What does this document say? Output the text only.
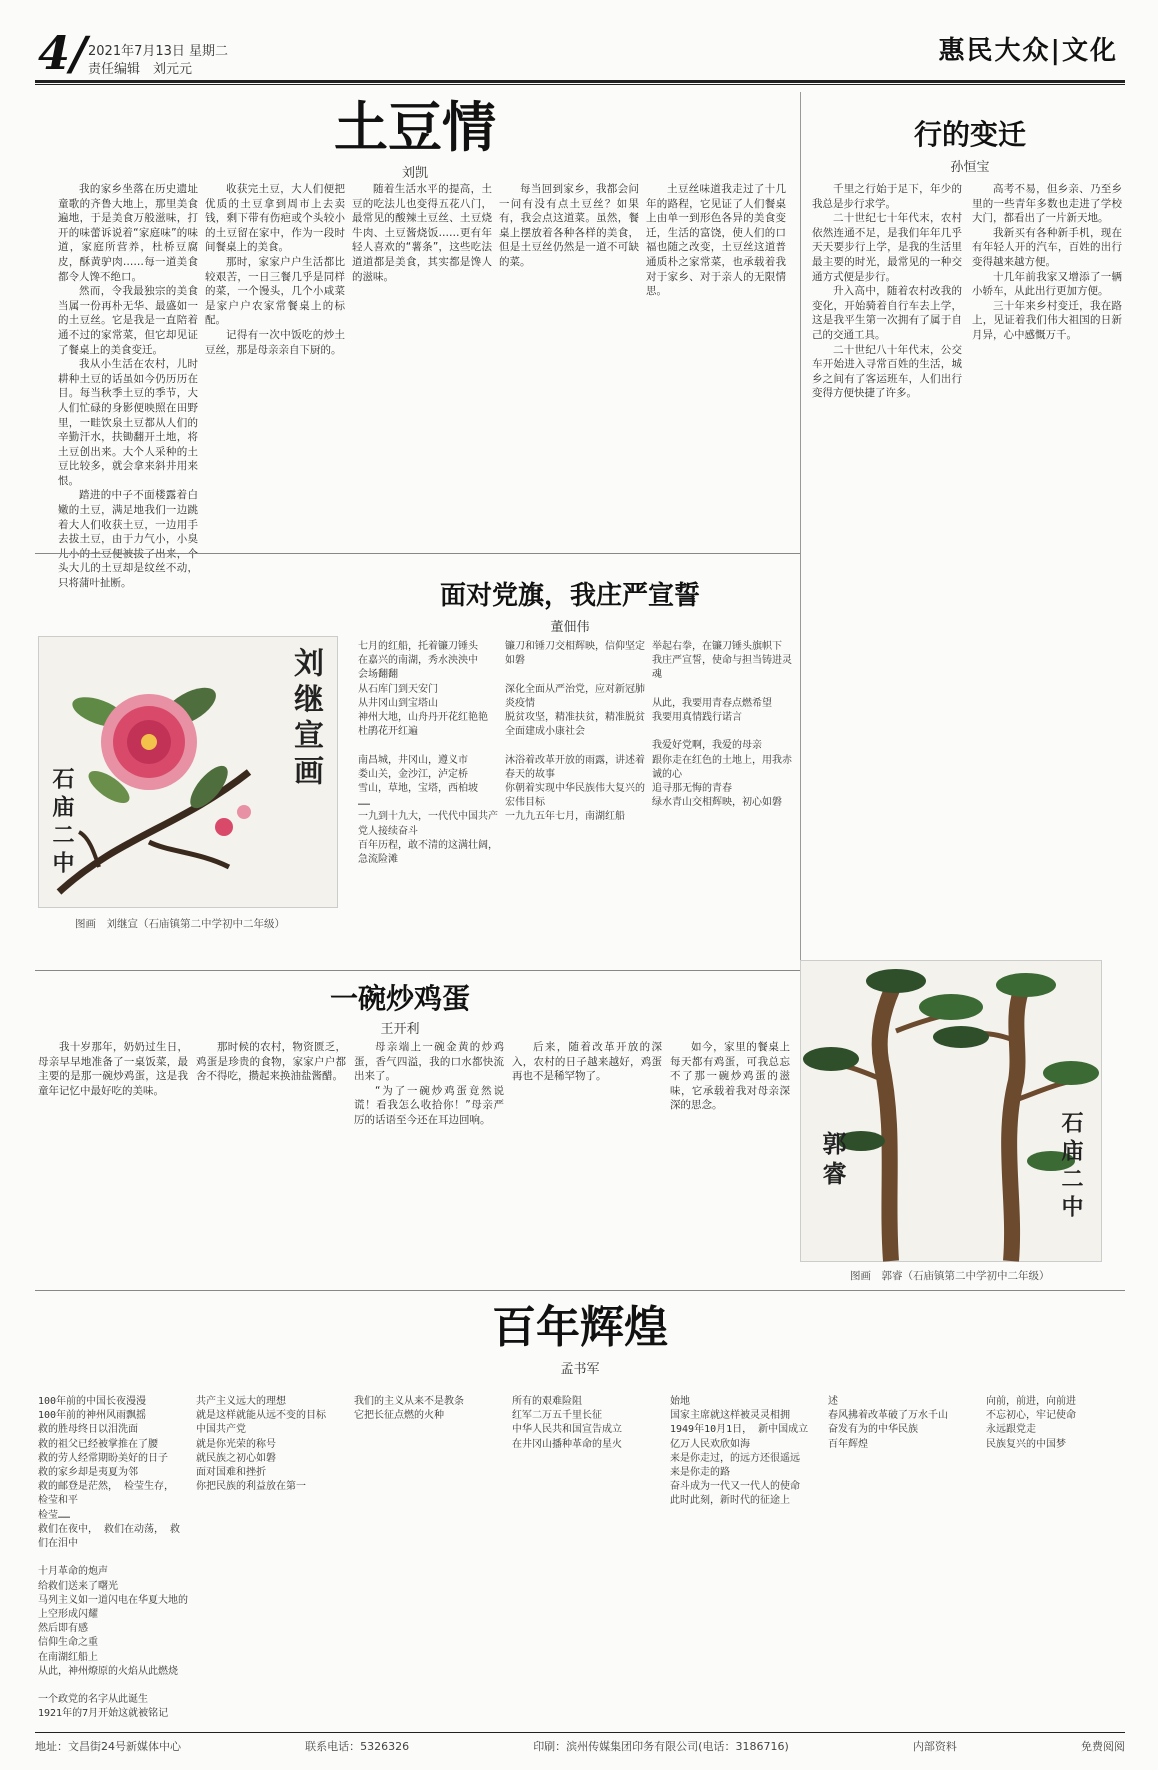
4/ 2021年7月13日 星期二
责任编辑　刘元元
惠民大众|文化
土豆情
刘凯

我的家乡坐落在历史遗址童歌的齐鲁大地上，那里美食遍地，于是美食万般滋味，打开的味蕾诉说着“家庭味”的味道，家庭所营养，杜桥豆腐皮，酥黄驴肉……每一道美食都令人馋不绝口。

然而，令我最独宗的美食当属一份再朴无华、最盛如一的土豆丝。它是我是一直陪着通不过的家常菜，但它却见证了餐桌上的美食变迁。

我从小生活在农村，儿时耕种土豆的话虽如今仍历历在目。每当秋季土豆的季节，大人们忙碌的身影便映照在田野里，一畦饮泉土豆都从人们的辛勤汗水，扶锄翻开土地，将土豆创出来。大个人采种的土豆比较多，就会拿来斜井用来恨。

踏进的中子不面楼露着白嫩的土豆，满足地我们一边跳着大人们收获土豆，一边用手去拔土豆，由于力气小，小臭 头大儿的土豆却是纹丝不动，只将蒲叶扯断。

收获完土豆，大人们便把优质的土豆拿到周市上去卖钱，剩下带有伤疤或个头较小的土豆留在家中，作为一段时间餐桌上的美食。

那时，家家户户生活都比较艰苦，一日三餐几乎是同样的菜，一个馒头，几个小咸菜是家户户农家常餐桌上的标配。

记得有一次中饭吃的炒土豆丝，那是母亲亲自下厨的。

随着生活水平的提高，土豆的吃法儿也变得五花八门，最常见的酸辣土豆丝、土豆烧牛肉、土豆酱烧饭……更有年轻人喜欢的“薯条”，这些吃法道道都是美食，其实都是馋人的滋味。

每当回到家乡，我都会问一问有没有点土豆丝？如果有，我会点这道菜。虽然，餐桌上摆放着各种各样的美食，但是土豆丝仍然是一道不可缺的菜。

土豆丝味道我走过了十几年的路程，它见证了人们餐桌上由单一到形色各异的美食变迁，生活的富饶，使人们的口福也随之改变，土豆丝这道普通质朴之家常菜，也承载着我对于家乡、对于亲人的无限情思。

行的变迁
孙恒宝

千里之行始于足下，年少的我总是步行求学。

二十世纪七十年代末，农村依然连通不足，是我们年年几乎天天要步行上学，是我的生活里最主要的时光，最常见的一种交通方式便是步行。

升入高中，随着农村改我的变化，开始骑着自行车去上学，这是我平生第一次拥有了属于自己的交通工具。

二十世纪八十年代末，公交车开始进入寻常百姓的生活，城乡之间有了客运班车，人们出行变得方便快捷了许多。

高考不易，但乡亲、乃至乡里的一些青年多数也走进了学校大门，都看出了一片新天地。

我新买有各种新手机，现在有年轻人开的汽车，百姓的出行变得越来越方便。

十几年前我家又增添了一辆小轿车，从此出行更加方便。

三十年来乡村变迁，我在路上，见证着我们伟大祖国的日新月异，心中感慨万千。

刘继宣画
石庙二中
图画　刘继宣（石庙镇第二中学初中二年级）
面对党旗，我庄严宣誓
董佃伟

七月的红船，托着镰刀锤头

在嘉兴的南湖，秀水泱泱中

会场翻翻

从石库门到天安门

从井冈山到宝塔山

神州大地，山舟丹开花红艳艳

杜鹃花开红遍

南昌城，井冈山，遵义市

娄山关，金沙江，泸定桥

雪山，草地，宝塔，西柏坡

……

一九到十九大，一代代中国共产党人接续奋斗

百年历程，敢不清的这满壮阔，急流险滩

镰刀和锤刀交相辉映，信仰坚定如磐

深化全面从严治党，应对新冠肺炎疫情

脱贫攻坚，精准扶贫，精准脱贫

全面建成小康社会

沐浴着改革开放的雨露，讲述着春天的故事

你朝着实现中华民族伟大复兴的宏伟目标

一九九五年七月，南湖红船

举起右拳，在镰刀锤头旗帜下

我庄严宣誓，使命与担当铸进灵魂

从此，我要用青春点燃希望

我要用真情践行诺言

我爱好党啊，我爱的母亲

跟你走在红色的土地上，用我赤诚的心

追寻那无悔的青春

绿水青山交相辉映，初心如磐

一碗炒鸡蛋
王开利

我十岁那年，奶奶过生日，母亲早早地准备了一桌饭菜，最主要的是那一碗炒鸡蛋，这是我童年记忆中最好吃的美味。

那时候的农村，物资匮乏，鸡蛋是珍贵的食物，家家户户都舍不得吃，攒起来换油盐酱醋。

母亲端上一碗金黄的炒鸡蛋，香气四溢，我的口水都快流出来了。

“为了一碗炒鸡蛋竟然说谎！看我怎么收拾你！”母亲严厉的话语至今还在耳边回响。

后来，随着改革开放的深入，农村的日子越来越好，鸡蛋再也不是稀罕物了。

如今，家里的餐桌上每天都有鸡蛋，可我总忘不了那一碗炒鸡蛋的滋味，它承载着我对母亲深深的思念。

郭睿	石庙二中
图画　郭睿（石庙镇第二中学初中二年级）
百年辉煌
孟书军

100年前的中国长夜漫漫

100年前的神州风雨飘摇

救的胜母终日以泪洗面

救的祖父已经被掌推在了腰

救的劳人经常期盼美好的日子

救的家乡却是夷夏为邻

救的邮登是茫然， 检莹生存， 检莹和平

检莹……

救们在夜中， 救们在动荡， 救们在泪中

十月革命的炮声

给救们送来了曙光

马列主义如一道闪电在华夏大地的上空形成闪耀

然后即有感

信仰生命之重

在南湖红船上

从此，神州燎原的火焰从此燃烧

一个政党的名字从此诞生

1921年的7月开始这就被铭记

共产主义远大的理想

就是这样就能从远不变的目标

中国共产党

就是你光荣的称号

就民族之初心如磐

面对国难和挫折

你把民族的利益放在第一

我们的主义从来不是教条

它把长征点燃的火种

所有的艰难险阻

红军二万五千里长征

中华人民共和国宣告成立

在井冈山播种革命的星火

始地

国家主席就这样被灵灵相拥

1949年10月1日， 新中国成立

亿万人民欢欣如海

来是你走过，的远方还很遥远

来是你走的路

奋斗成为一代又一代人的使命

此时此刻，新时代的征途上

述

春风拂着改革破了万水千山

奋发有为的中华民族

百年辉煌

向前，前进，向前进

不忘初心，牢记使命

永远跟党走

民族复兴的中国梦

地址：文昌街24号新媒体中心	联系电话：5326326	印刷：滨州传媒集团印务有限公司(电话：3186716)	内部资料	免费阅阅
